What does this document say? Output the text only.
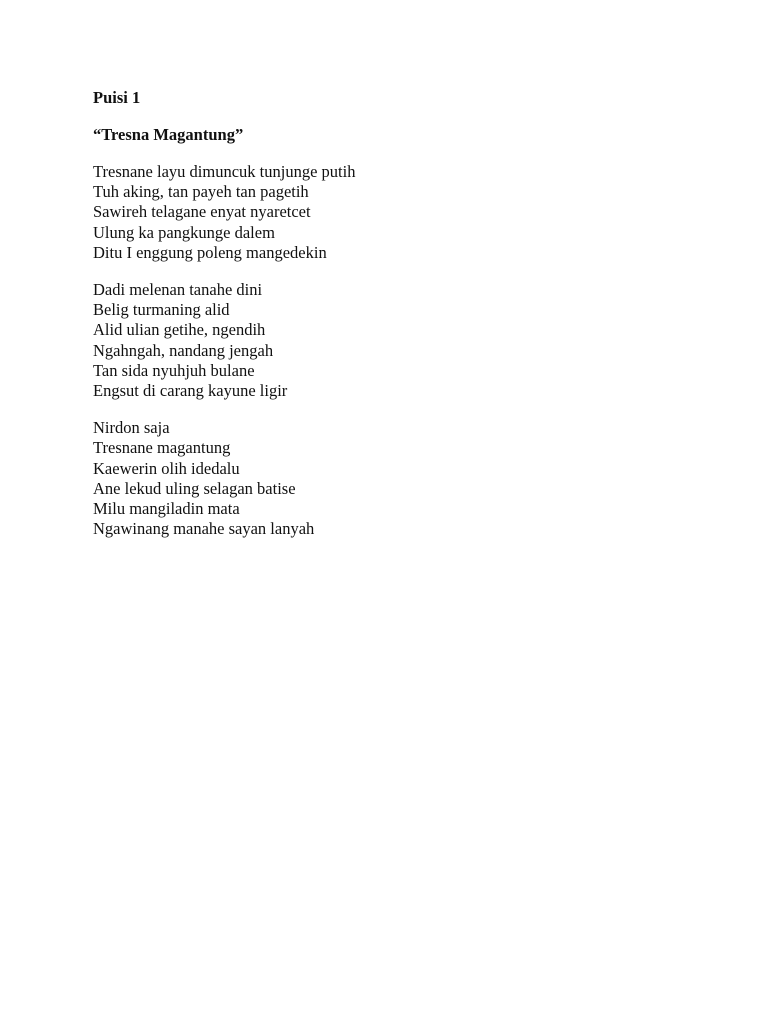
Puisi 1

“Tresna Magantung”

Tresnane layu dimuncuk tunjunge putih
Tuh aking, tan payeh tan pagetih
Sawireh telagane enyat nyaretcet
Ulung ka pangkunge dalem
Ditu I enggung poleng mangedekin
Dadi melenan tanahe dini
Belig turmaning alid
Alid ulian getihe, ngendih
Ngahngah, nandang jengah
Tan sida nyuhjuh bulane
Engsut di carang kayune ligir
Nirdon saja
Tresnane magantung
Kaewerin olih idedalu
Ane lekud uling selagan batise
Milu mangiladin mata
Ngawinang manahe sayan lanyah
